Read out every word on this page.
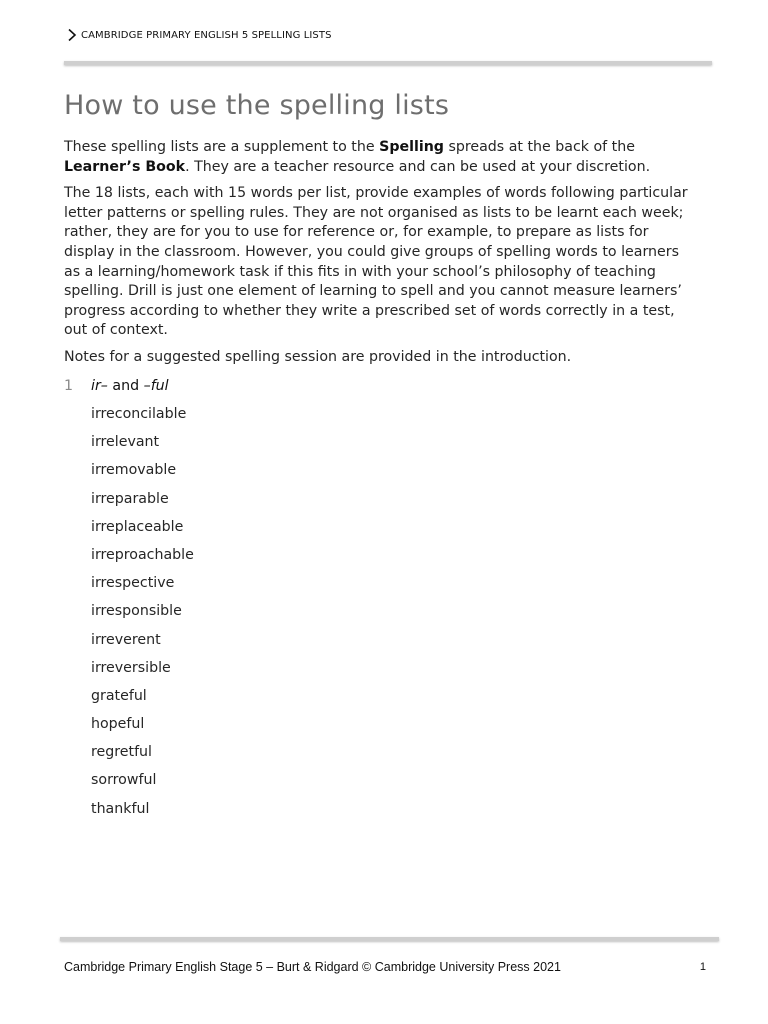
CAMBRIDGE PRIMARY ENGLISH 5 SPELLING LISTS
How to use the spelling lists

These spelling lists are a supplement to the Spelling spreads at the back of the Learner’s Book. They are a teacher resource and can be used at your discretion.

The 18 lists, each with 15 words per list, provide examples of words following particular letter patterns or spelling rules. They are not organised as lists to be learnt each week; rather, they are for you to use for reference or, for example, to prepare as lists for display in the classroom. However, you could give groups of spelling words to learners as a learning/homework task if this fits in with your school’s philosophy of teaching spelling. Drill is just one element of learning to spell and you cannot measure learners’ progress according to whether they write a prescribed set of words correctly in a test, out of context.

Notes for a suggested spelling session are provided in the introduction.

1 ir– and –ful
irreconcilable
irrelevant
irremovable
irreparable
irreplaceable
irreproachable
irrespective
irresponsible
irreverent
irreversible
grateful
hopeful
regretful
sorrowful
thankful
Cambridge Primary English Stage 5 – Burt & Ridgard © Cambridge University Press 2021	1
